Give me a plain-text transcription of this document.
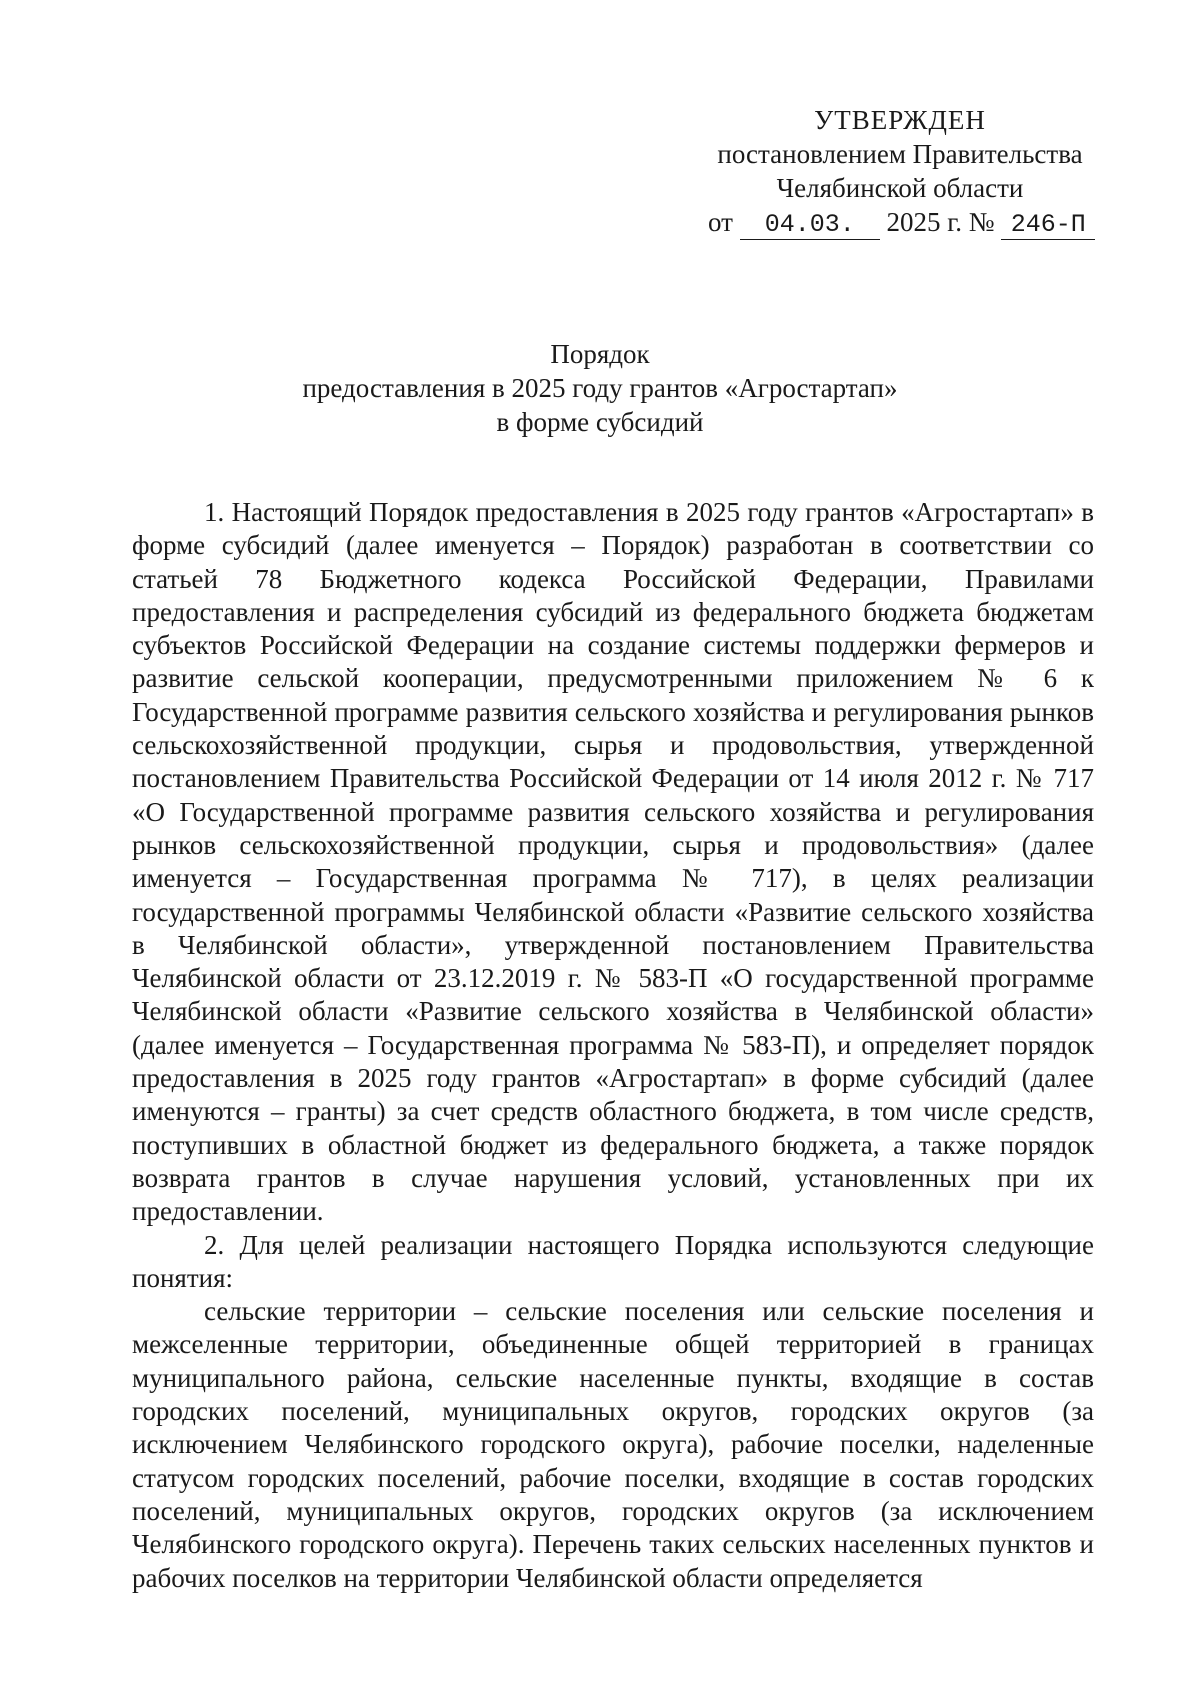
УТВЕРЖДЕН
постановлением Правительства
Челябинской области
от 04.03. 2025 г. № 246-П
Порядок
предоставления в 2025 году грантов «Агростартап»
в форме субсидий

1. Настоящий Порядок предоставления в 2025 году грантов «Агростартап» в форме субсидий (далее именуется – Порядок) разработан в соответствии со статьей 78 Бюджетного кодекса Российской Федерации, Правилами предоставления и распределения субсидий из федерального бюджета бюджетам субъектов Российской Федерации на создание системы поддержки фермеров и развитие сельской кооперации, предусмотренными приложением № 6 к Государственной программе развития сельского хозяйства и регулирования рынков сельскохозяйственной продукции, сырья и продовольствия, утвержденной постановлением Правительства Российской Федерации от 14 июля 2012 г. № 717 «О Государственной программе развития сельского хозяйства и регулирования рынков сельскохозяйственной продукции, сырья и продовольствия» (далее именуется – Государственная программа № 717), в целях реализации государственной программы Челябинской области «Развитие сельского хозяйства в Челябинской области», утвержденной постановлением Правительства Челябинской области от 23.12.2019 г. № 583-П «О государственной программе Челябинской области «Развитие сельского хозяйства в Челябинской области» (далее именуется – Государственная программа № 583-П), и определяет порядок предоставления в 2025 году грантов «Агростартап» в форме субсидий (далее именуются – гранты) за счет средств областного бюджета, в том числе средств, поступивших в областной бюджет из федерального бюджета, а также порядок возврата грантов в случае нарушения условий, установленных при их предоставлении.

2. Для целей реализации настоящего Порядка используются следующие понятия:

сельские территории – сельские поселения или сельские поселения и межселенные территории, объединенные общей территорией в границах муниципального района, сельские населенные пункты, входящие в состав городских поселений, муниципальных округов, городских округов (за исключением Челябинского городского округа), рабочие поселки, наделенные статусом городских поселений, рабочие поселки, входящие в состав городских поселений, муниципальных округов, городских округов (за исключением Челябинского городского округа). Перечень таких сельских населенных пунктов и рабочих поселков на территории Челябинской области определяется
